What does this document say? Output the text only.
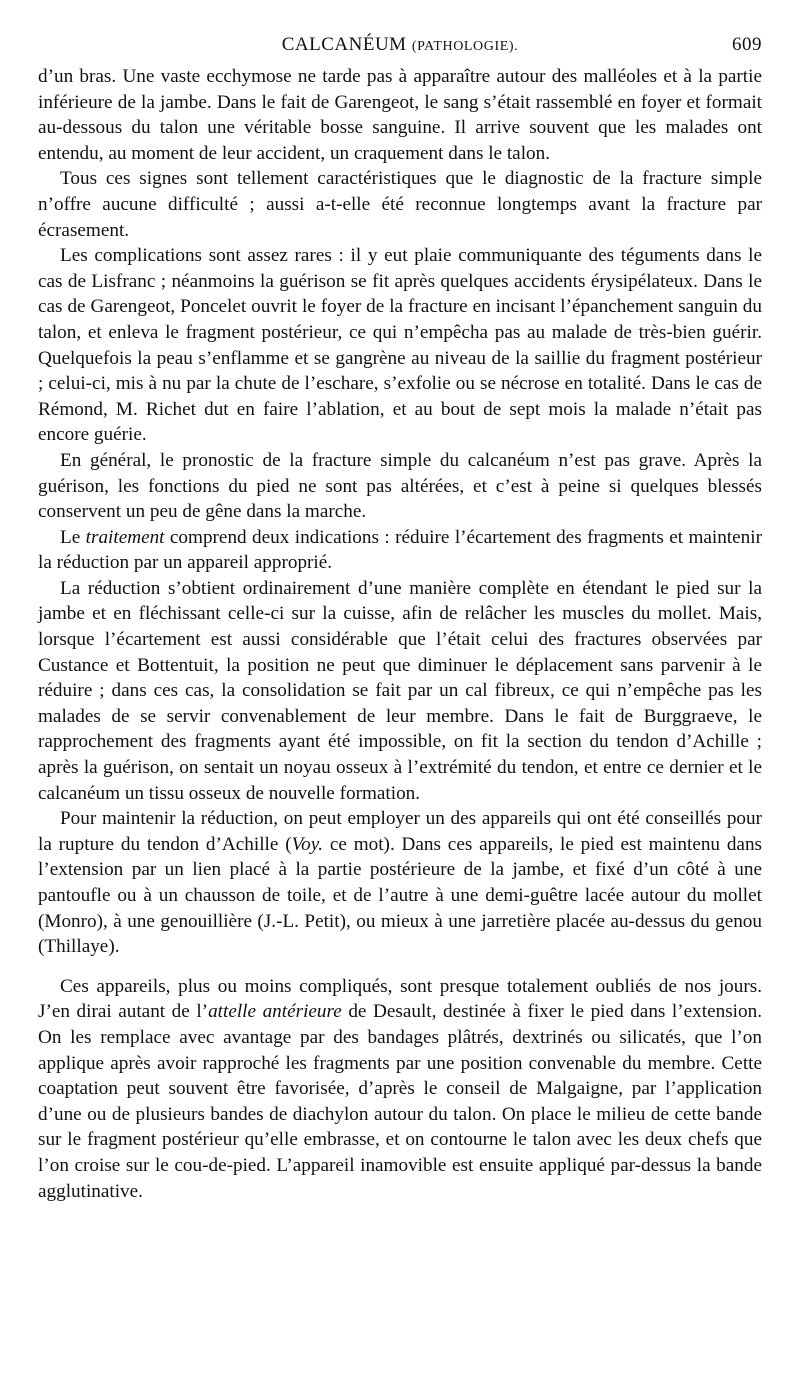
CALCANÉUM (PATHOLOGIE).	609

d’un bras. Une vaste ecchymose ne tarde pas à apparaître autour des malléoles et à la partie inférieure de la jambe. Dans le fait de Garengeot, le sang s’était rassemblé en foyer et formait au-dessous du talon une véritable bosse sanguine. Il arrive souvent que les malades ont entendu, au moment de leur accident, un craquement dans le talon.

Tous ces signes sont tellement caractéristiques que le diagnostic de la fracture simple n’offre aucune difficulté ; aussi a-t-elle été reconnue longtemps avant la fracture par écrasement.

Les complications sont assez rares : il y eut plaie communiquante des téguments dans le cas de Lisfranc ; néanmoins la guérison se fit après quelques accidents érysipélateux. Dans le cas de Garengeot, Poncelet ouvrit le foyer de la fracture en incisant l’épanchement sanguin du talon, et enleva le fragment postérieur, ce qui n’empêcha pas au malade de très-bien guérir. Quelquefois la peau s’enflamme et se gangrène au niveau de la saillie du fragment postérieur ; celui-ci, mis à nu par la chute de l’eschare, s’exfolie ou se nécrose en totalité. Dans le cas de Rémond, M. Richet dut en faire l’ablation, et au bout de sept mois la malade n’était pas encore guérie.

En général, le pronostic de la fracture simple du calcanéum n’est pas grave. Après la guérison, les fonctions du pied ne sont pas altérées, et c’est à peine si quelques blessés conservent un peu de gêne dans la marche.

Le traitement comprend deux indications : réduire l’écartement des fragments et maintenir la réduction par un appareil approprié.

La réduction s’obtient ordinairement d’une manière complète en étendant le pied sur la jambe et en fléchissant celle-ci sur la cuisse, afin de relâcher les muscles du mollet. Mais, lorsque l’écartement est aussi considérable que l’était celui des fractures observées par Custance et Bottentuit, la position ne peut que diminuer le déplacement sans parvenir à le réduire ; dans ces cas, la consolidation se fait par un cal fibreux, ce qui n’empêche pas les malades de se servir convenablement de leur membre. Dans le fait de Burggraeve, le rapprochement des fragments ayant été impossible, on fit la section du tendon d’Achille ; après la guérison, on sentait un noyau osseux à l’extrémité du tendon, et entre ce dernier et le calcanéum un tissu osseux de nouvelle formation.

Pour maintenir la réduction, on peut employer un des appareils qui ont été conseillés pour la rupture du tendon d’Achille (Voy. ce mot). Dans ces appareils, le pied est maintenu dans l’extension par un lien placé à la partie postérieure de la jambe, et fixé d’un côté à une pantoufle ou à un chausson de toile, et de l’autre à une demi-guêtre lacée autour du mollet (Monro), à une genouillière (J.-L. Petit), ou mieux à une jarretière placée au-dessus du genou (Thillaye).

Ces appareils, plus ou moins compliqués, sont presque totalement oubliés de nos jours. J’en dirai autant de l’attelle antérieure de Desault, destinée à fixer le pied dans l’extension. On les remplace avec avantage par des bandages plâtrés, dextrinés ou silicatés, que l’on applique après avoir rapproché les fragments par une position convenable du membre. Cette coaptation peut souvent être favorisée, d’après le conseil de Malgaigne, par l’application d’une ou de plusieurs bandes de diachylon autour du talon. On place le milieu de cette bande sur le fragment postérieur qu’elle embrasse, et on contourne le talon avec les deux chefs que l’on croise sur le cou-de-pied. L’appareil inamovible est ensuite appliqué par-dessus la bande agglutinative.
